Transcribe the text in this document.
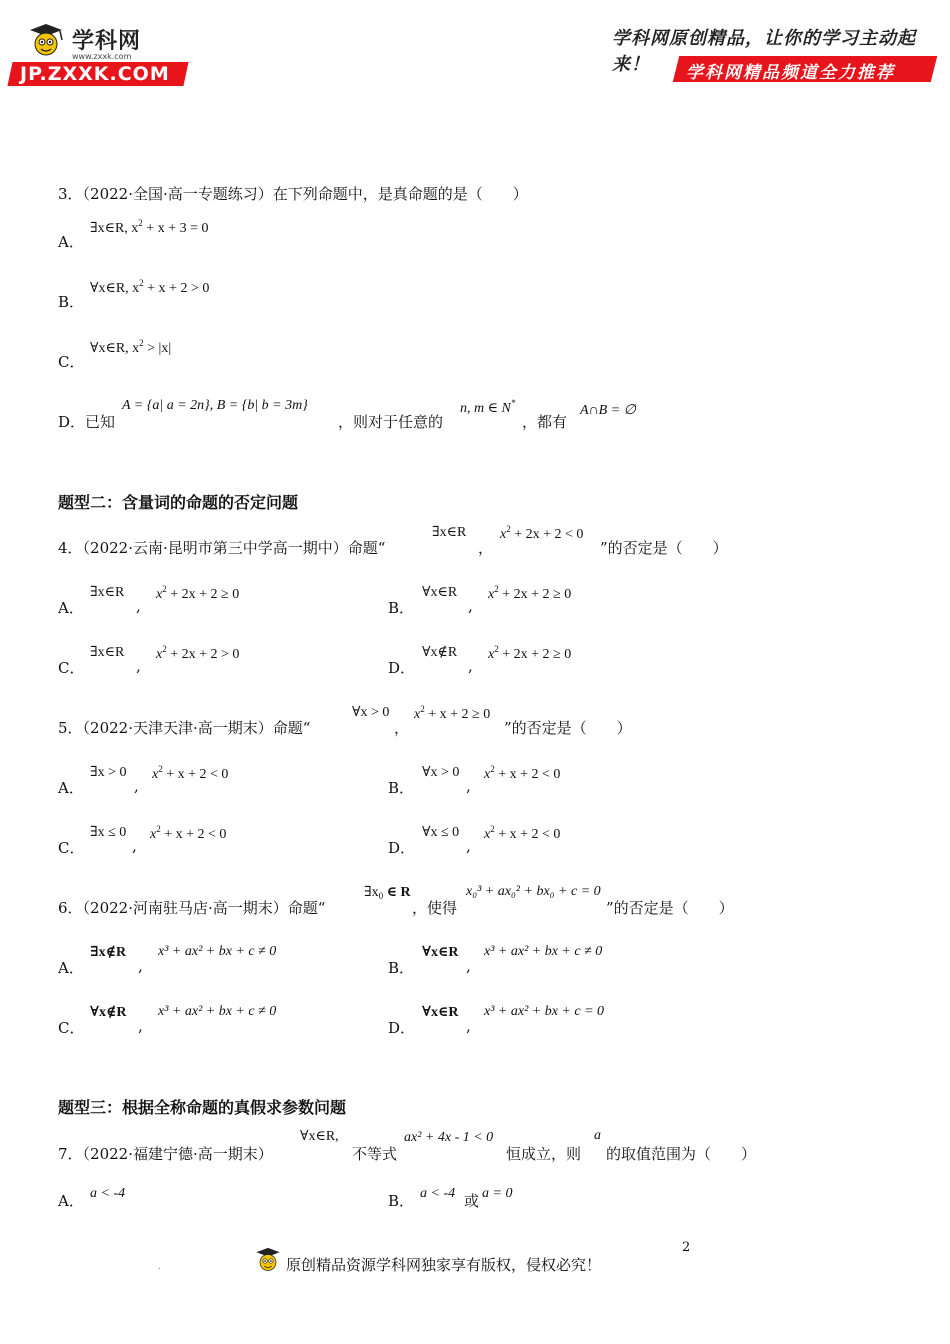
学科网
www.zxxk.com
JP.ZXXK.COM
学科网原创精品，让你的学习主动起来！	学科网精品频道全力推荐
3．（2022·全国·高一专题练习）在下列命题中，是真命题的是（　　）
A．
∃x∈R, $x^2 + x + 3 = 0$
B．
∀x∈R, $x^2 + x + 2 > 0$
C．
∀x∈R, $x^2 > |x|$
D．已知
A = {a| a = 2n}, B = {b| b = 3m}
，则对于任意的
n, m ∈ N*
，都有
A∩B = ∅
题型二：含量词的命题的否定问题
4．（2022·云南·昆明市第三中学高一期中）命题“
∃x∈R
，
$x^2 + 2x + 2 < 0$
”的否定是（　　）
A．
∃x∈R
,
$x^2 + 2x + 2 \ge 0$
B．
∀x∈R
,
$x^2 + 2x + 2 \ge 0$
C．
∃x∈R
,
$x^2 + 2x + 2 > 0$
D．
∀x∉R
,
$x^2 + 2x + 2 \ge 0$
5．（2022·天津天津·高一期末）命题“
∀x > 0
，
$x^2 + x + 2 \ge 0$
”的否定是（　　）
A．
∃x > 0
,
$x^2 + x + 2 < 0$
B．
∀x > 0
,
$x^2 + x + 2 < 0$
C．
∃x ≤ 0
,
$x^2 + x + 2 < 0$
D．
∀x ≤ 0
,
$x^2 + x + 2 < 0$
6．（2022·河南驻马店·高一期末）命题“
$\exists x_0$ ∈ R
，使得
x₀³ + ax₀² + bx₀ + c = 0
”的否定是（　　）
A．
∃x∉R
,
x³ + ax² + bx + c ≠ 0
B．
∀x∈R
,
x³ + ax² + bx + c ≠ 0
C．
∀x∉R
,
x³ + ax² + bx + c ≠ 0
D．
∀x∈R
,
x³ + ax² + bx + c = 0
题型三：根据全称命题的真假求参数问题
7．（2022·福建宁德·高一期末）
∀x∈R,
不等式
ax² + 4x - 1 < 0
恒成立，则
a
的取值范围为（　　）
A． a < -4	B． a < -4 或 a = 0
2
.	原创精品资源学科网独家享有版权，侵权必究！
